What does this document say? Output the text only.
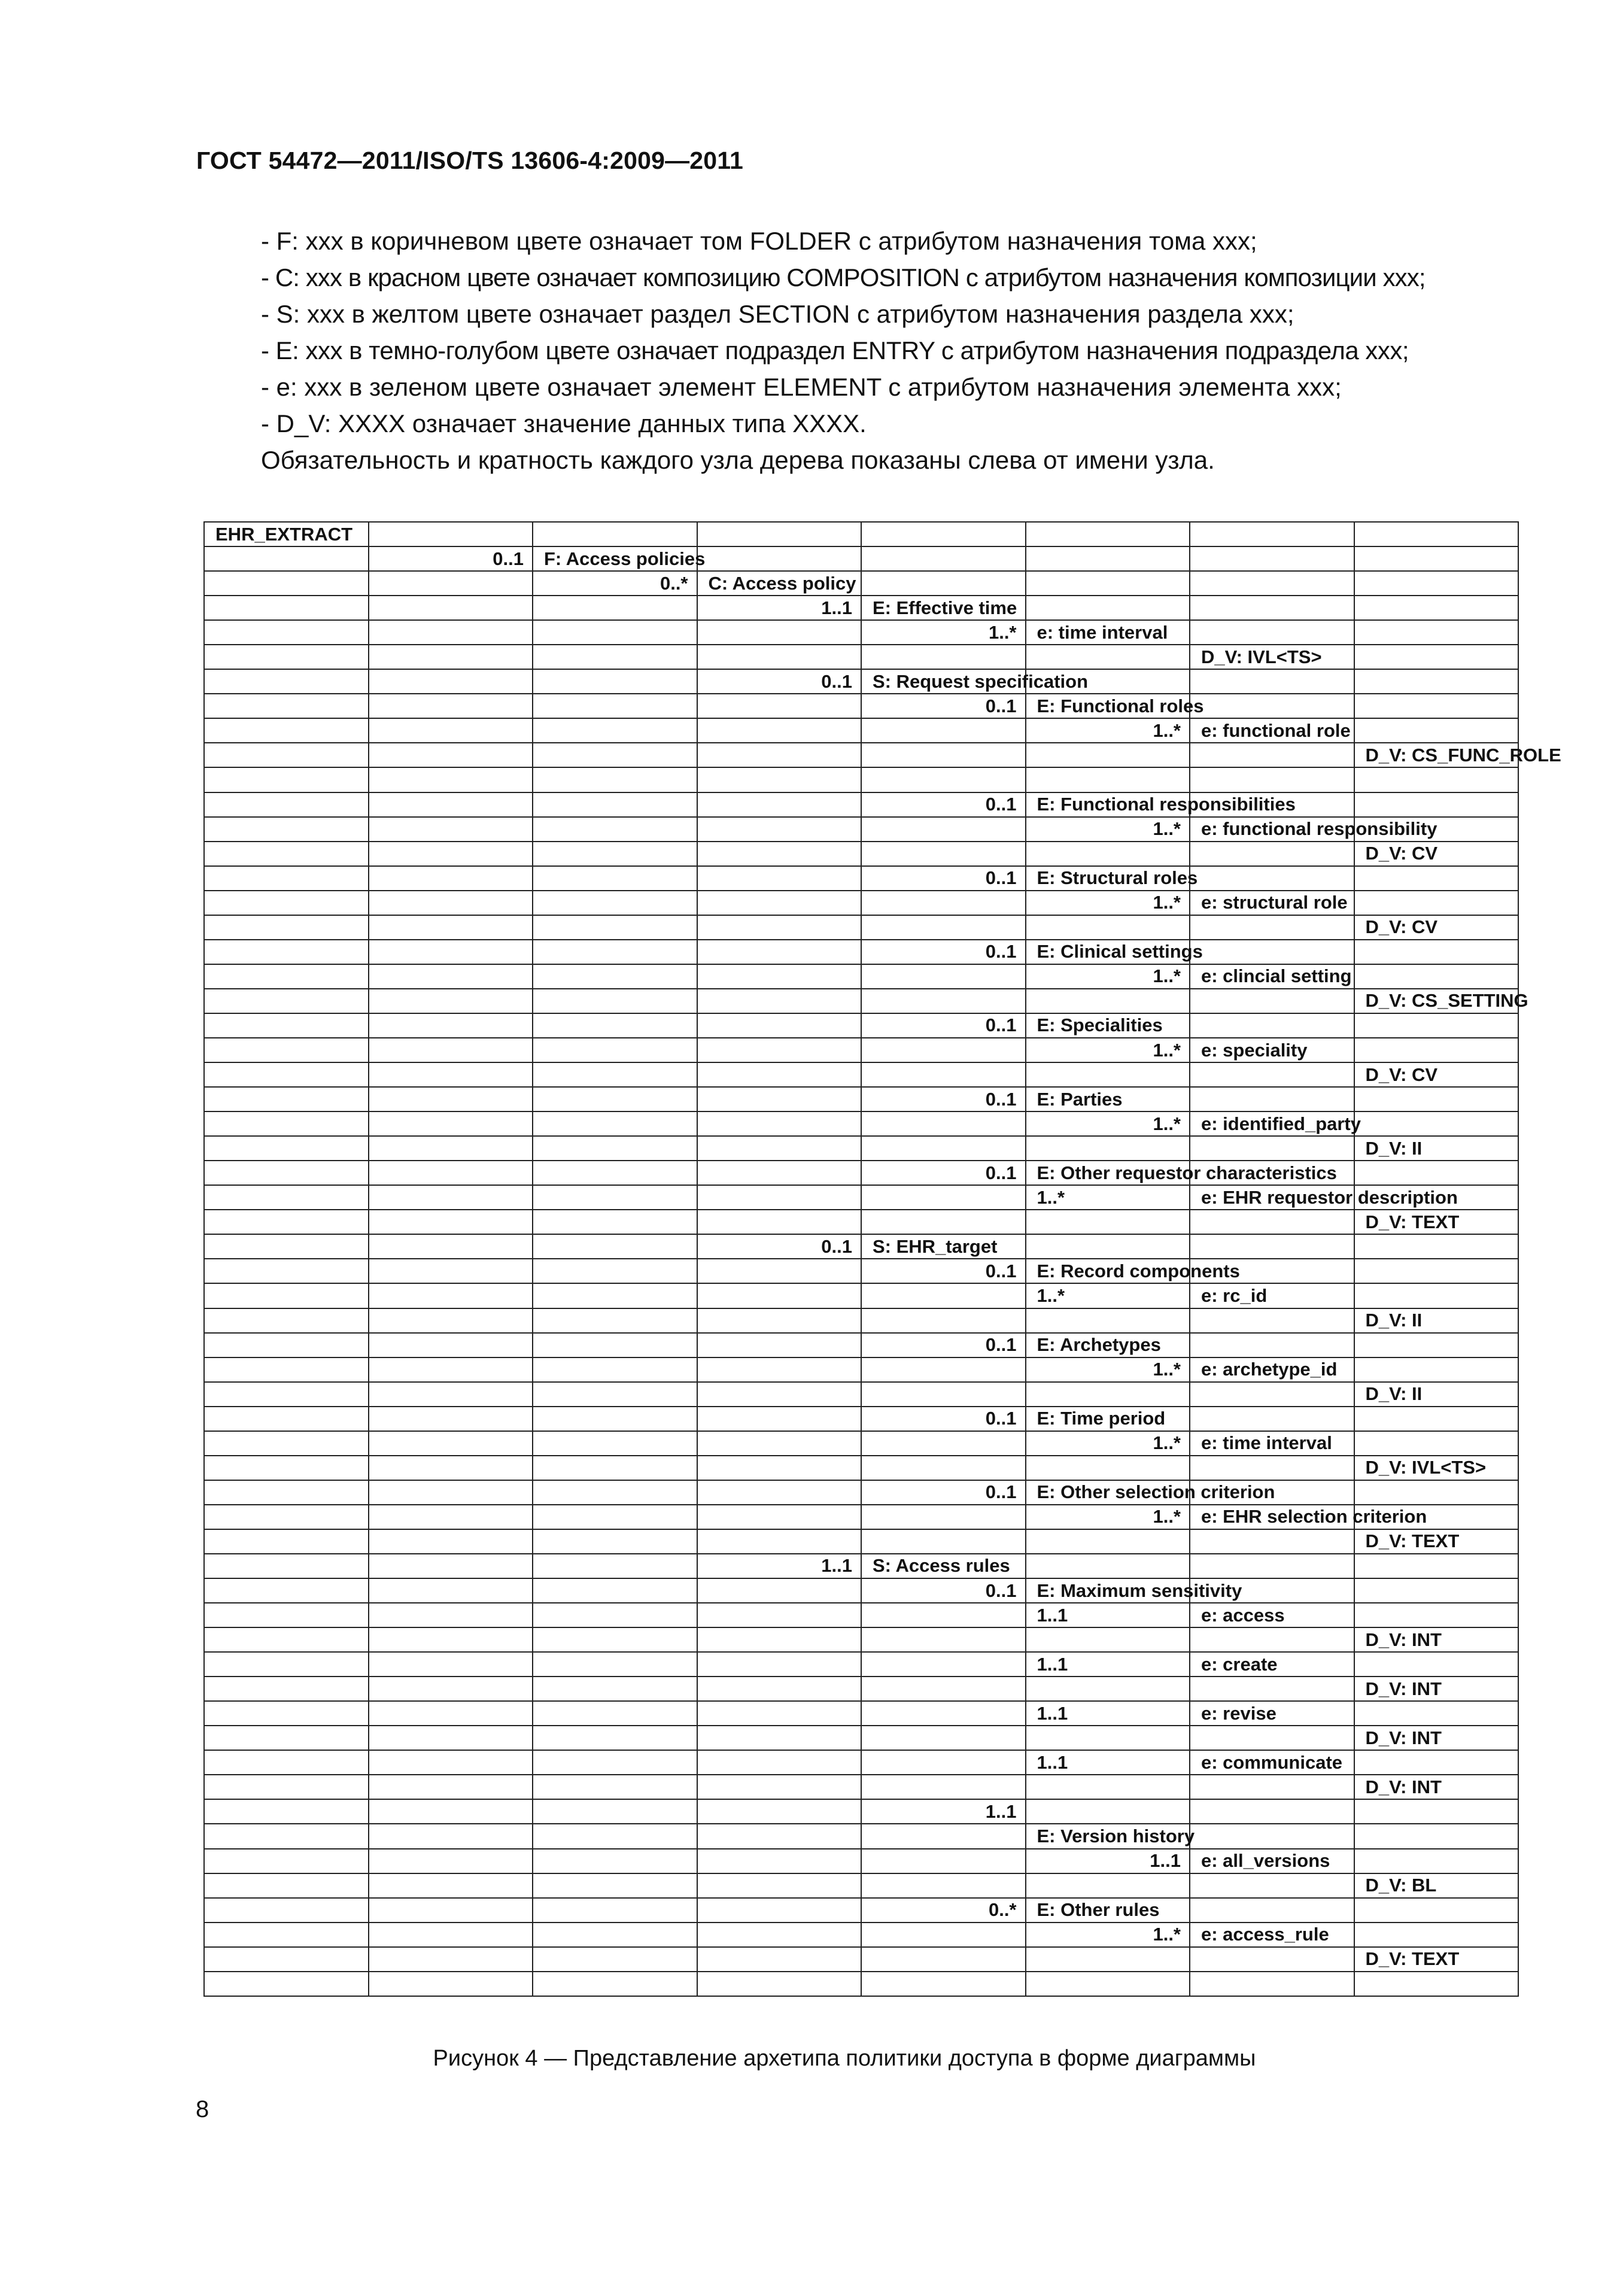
ГОСТ 54472—2011/ISO/TS 13606-4:2009—2011
- F: xxx в коричневом цвете означает том FOLDER с атрибутом назначения тома xxx;
- C: xxx в красном цвете означает композицию COMPOSITION с атрибутом назначения композиции xxx;
- S: xxx в желтом цвете означает раздел SECTION с атрибутом назначения раздела xxx;
- E: xxx в темно-голубом цвете означает подраздел ENTRY с атрибутом назначения подраздела xxx;
- e: xxx в зеленом цвете означает элемент ELEMENT с атрибутом назначения элемента xxx;
- D_V: XXXX означает значение данных типа XXXX.
Обязательность и кратность каждого узла дерева показаны слева от имени узла.
EHR_EXTRACT							

	0..1	F: Access policies					

		0..*	C: Access policy				

			1..1	E: Effective time			

				1..*	e: time interval		
						D_V: IVL<TS>	

			0..1	S: Request specification			

				0..1	E: Functional roles		

					1..*	e: functional role	
							D_V: CS_FUNC_ROLE

				0..1	E: Functional responsibilities		

					1..*	e: functional responsibility	
							D_V: CV

				0..1	E: Structural roles		

					1..*	e: structural role	
							D_V: CV

				0..1	E: Clinical settings		

					1..*	e: clincial setting	
							D_V: CS_SETTING

				0..1	E: Specialities		

					1..*	e: speciality	
							D_V: CV

				0..1	E: Parties		

					1..*	e: identified_party	
							D_V: II

				0..1	E: Other requestor characteristics		
					1..*	e: EHR requestor description	
							D_V: TEXT

			0..1	S: EHR_target			

				0..1	E: Record components		
					1..*	e: rc_id	
							D_V: II

				0..1	E: Archetypes		

					1..*	e: archetype_id	
							D_V: II

				0..1	E: Time period		

					1..*	e: time interval	
							D_V: IVL<TS>

				0..1	E: Other selection criterion		

					1..*	e: EHR selection criterion	
							D_V: TEXT

			1..1	S: Access rules			

				0..1	E: Maximum sensitivity		
					1..1	e: access	
							D_V: INT
					1..1	e: create	
							D_V: INT
					1..1	e: revise	
							D_V: INT
					1..1	e: communicate	
							D_V: INT

				1..1			

					E: Version history		

					1..1	e: all_versions	
							D_V: BL

				0..*	E: Other rules		

					1..*	e: access_rule	
							D_V: TEXT

Рисунок 4 — Представление архетипа политики доступа в форме диаграммы
8
